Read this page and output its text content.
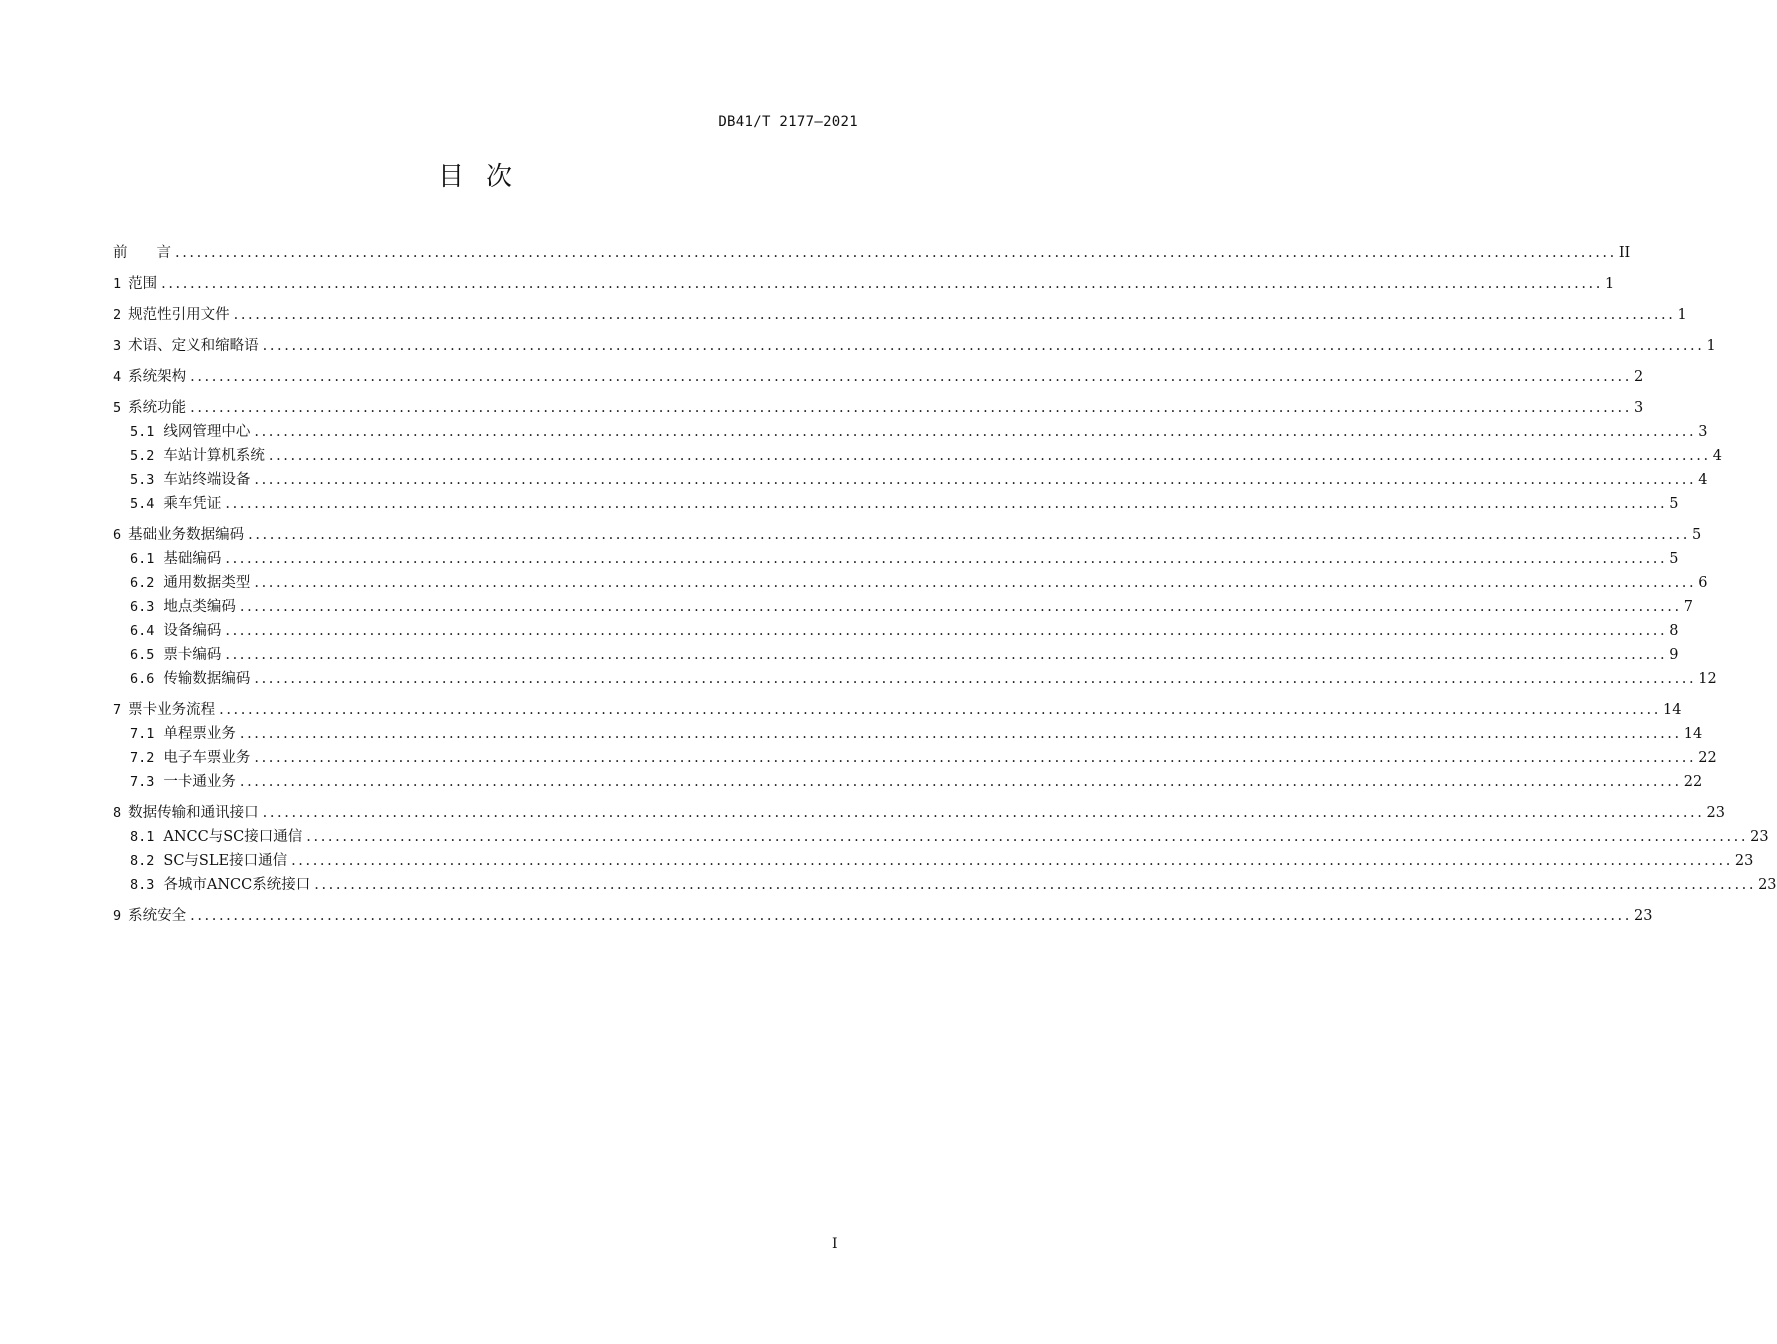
DB41/T 2177—2021
目次
前　　言 ........................................................................................................................................................................................................ II
1 范围 ........................................................................................................................................................................................................ 1
2 规范性引用文件 ........................................................................................................................................................................................................ 1
3 术语、定义和缩略语 ........................................................................................................................................................................................................ 1
4 系统架构 ........................................................................................................................................................................................................ 2
5 系统功能 ........................................................................................................................................................................................................ 3
5.1 线网管理中心 ........................................................................................................................................................................................................ 3
5.2 车站计算机系统 ........................................................................................................................................................................................................ 4
5.3 车站终端设备 ........................................................................................................................................................................................................ 4
5.4 乘车凭证 ........................................................................................................................................................................................................ 5
6 基础业务数据编码 ........................................................................................................................................................................................................ 5
6.1 基础编码 ........................................................................................................................................................................................................ 5
6.2 通用数据类型 ........................................................................................................................................................................................................ 6
6.3 地点类编码 ........................................................................................................................................................................................................ 7
6.4 设备编码 ........................................................................................................................................................................................................ 8
6.5 票卡编码 ........................................................................................................................................................................................................ 9
6.6 传输数据编码 ........................................................................................................................................................................................................ 12
7 票卡业务流程 ........................................................................................................................................................................................................ 14
7.1 单程票业务 ........................................................................................................................................................................................................ 14
7.2 电子车票业务 ........................................................................................................................................................................................................ 22
7.3 一卡通业务 ........................................................................................................................................................................................................ 22
8 数据传输和通讯接口 ........................................................................................................................................................................................................ 23
8.1 ANCC与SC接口通信 ........................................................................................................................................................................................................ 23
8.2 SC与SLE接口通信 ........................................................................................................................................................................................................ 23
8.3 各城市ANCC系统接口 ........................................................................................................................................................................................................ 23
9 系统安全 ........................................................................................................................................................................................................ 23
I
